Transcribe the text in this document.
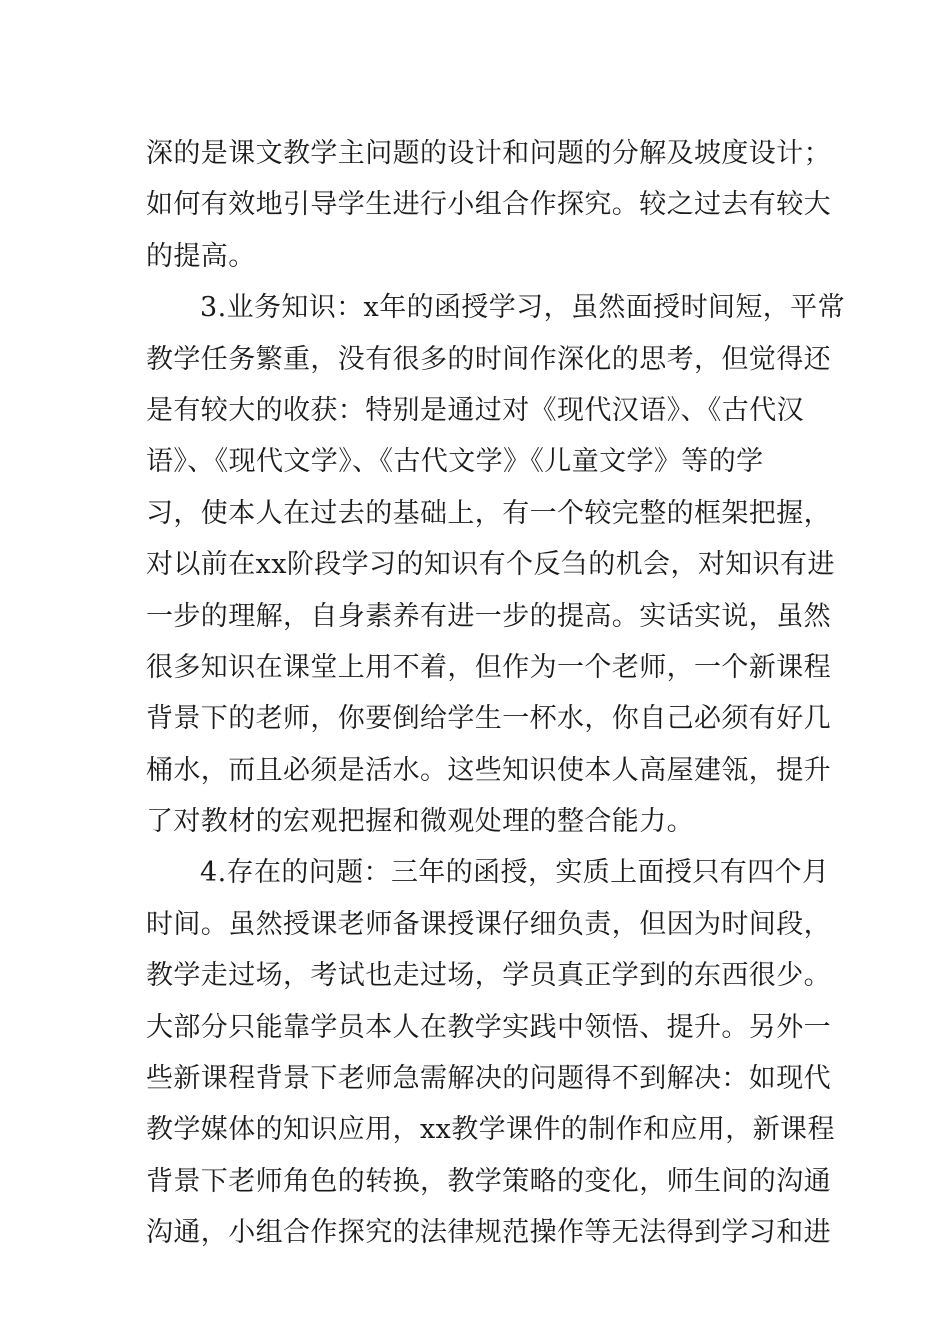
深的是课文教学主问题的设计和问题的分解及坡度设计；
如何有效地引导学生进行小组合作探究。较之过去有较大
的提高。
3.业务知识：x年的函授学习，虽然面授时间短，平常
教学任务繁重，没有很多的时间作深化的思考，但觉得还
是有较大的收获：特别是通过对《现代汉语》、《古代汉
语》、《现代文学》、《古代文学》《儿童文学》等的学
习，使本人在过去的基础上，有一个较完整的框架把握，
对以前在xx阶段学习的知识有个反刍的机会，对知识有进
一步的理解，自身素养有进一步的提高。实话实说，虽然
很多知识在课堂上用不着，但作为一个老师，一个新课程
背景下的老师，你要倒给学生一杯水，你自己必须有好几
桶水，而且必须是活水。这些知识使本人高屋建瓴，提升
了对教材的宏观把握和微观处理的整合能力。
4.存在的问题：三年的函授，实质上面授只有四个月
时间。虽然授课老师备课授课仔细负责，但因为时间段，
教学走过场，考试也走过场，学员真正学到的东西很少。
大部分只能靠学员本人在教学实践中领悟、提升。另外一
些新课程背景下老师急需解决的问题得不到解决：如现代
教学媒体的知识应用，xx教学课件的制作和应用，新课程
背景下老师角色的转换，教学策略的变化，师生间的沟通
沟通，小组合作探究的法律规范操作等无法得到学习和进
